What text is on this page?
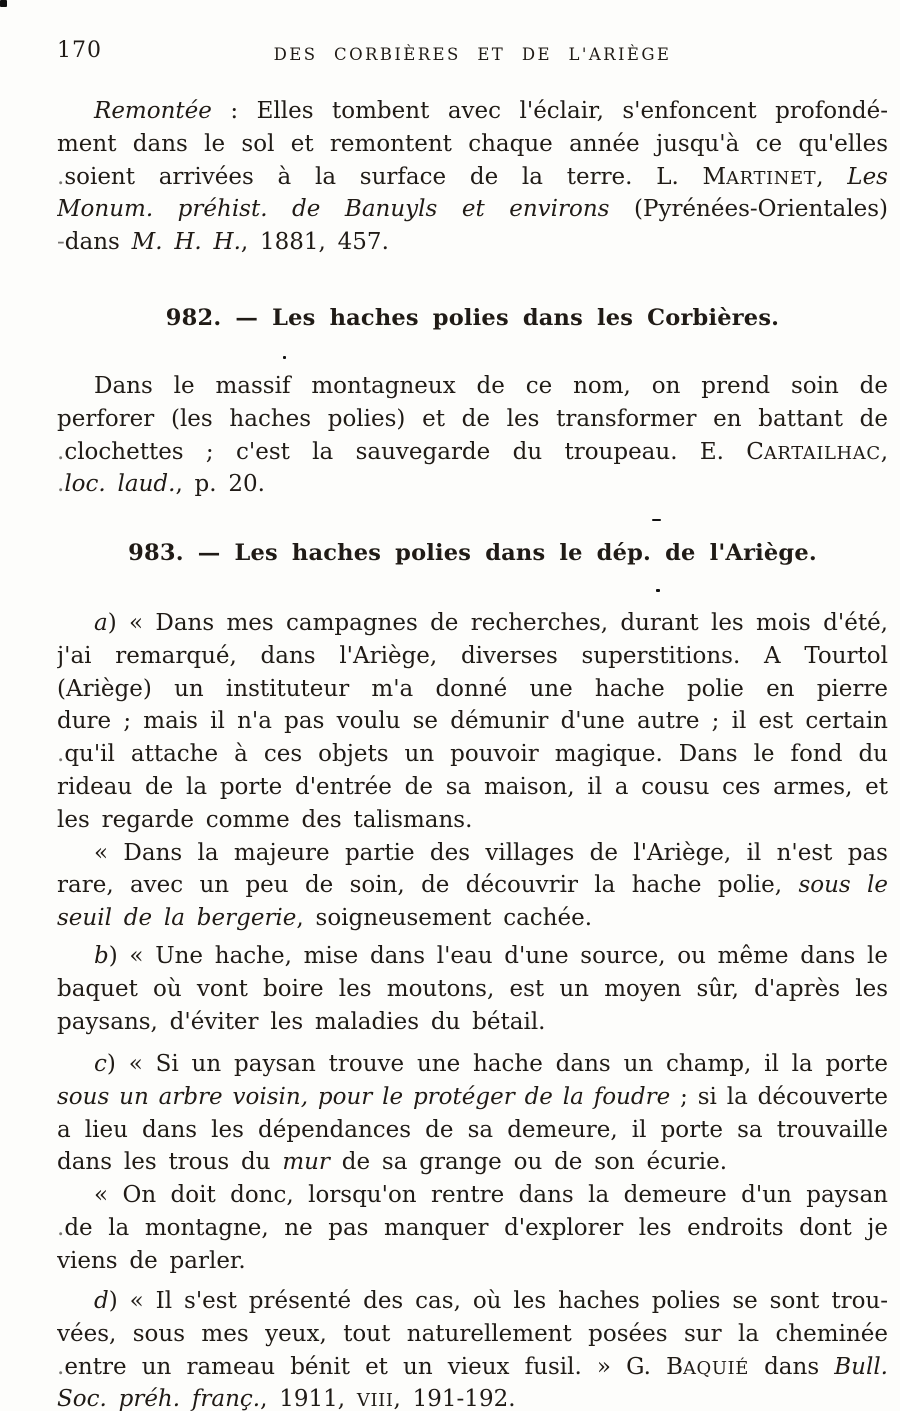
170	DES CORBIÈRES ET DE L'ARIÈGE
Remontée : Elles tombent avec l'éclair, s'enfoncent profondé-
ment dans le sol et remontent chaque année jusqu'à ce qu'elles
.soient arrivées à la surface de la terre. L. MARTINET, Les
Monum. préhist. de Banuyls et environs (Pyrénées-Orientales)
-dans M. H. H., 1881, 457.
982. — Les haches polies dans les Corbières.
Dans le massif montagneux de ce nom, on prend soin de
perforer (les haches polies) et de les transformer en battant de
.clochettes ; c'est la sauvegarde du troupeau. E. CARTAILHAC,
.loc. laud., p. 20.
983. — Les haches polies dans le dép. de l'Ariège.
a) « Dans mes campagnes de recherches, durant les mois d'été,
j'ai remarqué, dans l'Ariège, diverses superstitions. A Tourtol
(Ariège) un instituteur m'a donné une hache polie en pierre
dure ; mais il n'a pas voulu se démunir d'une autre ; il est certain
.qu'il attache à ces objets un pouvoir magique. Dans le fond du
rideau de la porte d'entrée de sa maison, il a cousu ces armes, et
les regarde comme des talismans.
« Dans la majeure partie des villages de l'Ariège, il n'est pas
rare, avec un peu de soin, de découvrir la hache polie, sous le
seuil de la bergerie, soigneusement cachée.
b) « Une hache, mise dans l'eau d'une source, ou même dans le
baquet où vont boire les moutons, est un moyen sûr, d'après les
paysans, d'éviter les maladies du bétail.
c) « Si un paysan trouve une hache dans un champ, il la porte
sous un arbre voisin, pour le protéger de la foudre ; si la découverte
a lieu dans les dépendances de sa demeure, il porte sa trouvaille
dans les trous du mur de sa grange ou de son écurie.
« On doit donc, lorsqu'on rentre dans la demeure d'un paysan
.de la montagne, ne pas manquer d'explorer les endroits dont je
viens de parler.
d) « Il s'est présenté des cas, où les haches polies se sont trou-
vées, sous mes yeux, tout naturellement posées sur la cheminée
.entre un rameau bénit et un vieux fusil. » G. BAQUIÉ dans Bull.
Soc. préh. franç., 1911, VIII, 191-192.
